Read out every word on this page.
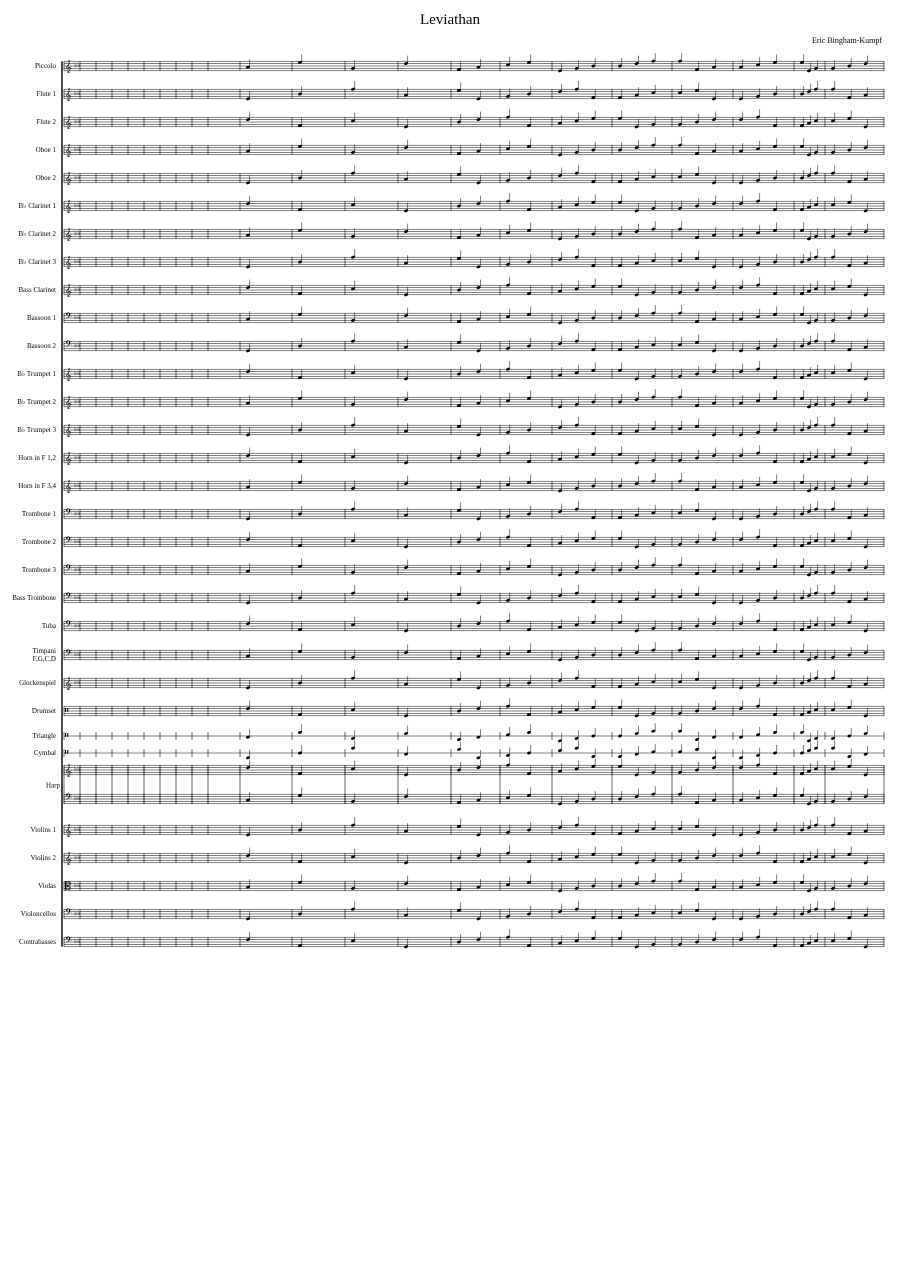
Leviathan
Eric Bingham-Kumpf
Piccolo 𝄞 ♭♭
Flute 1 𝄞 ♭♭
Flute 2 𝄞 ♭♭
Oboe 1 𝄞 ♭♭
Oboe 2 𝄞 ♭♭
B♭ Clarinet 1 𝄞 ♭♭
B♭ Clarinet 2 𝄞 ♭♭
B♭ Clarinet 3 𝄞 ♭♭
Bass Clarinet 𝄞 ♭♭
Bassoon 1 𝄢 ♭♭
Bassoon 2 𝄢 ♭♭
B♭ Trumpet 1 𝄞 ♭♭
B♭ Trumpet 2 𝄞 ♭♭
B♭ Trumpet 3 𝄞 ♭♭
Horn in F 1,2 𝄞 ♭♭
Horn in F 3,4 𝄞 ♭♭
Trombone 1 𝄢 ♭♭
Trombone 2 𝄢 ♭♭
Trombone 3 𝄢 ♭♭
Bass Trombone 𝄢 ♭♭
Tuba 𝄢 ♭♭
Timpani
F,G,C,D 𝄢 ♭♭
Glockenspiel 𝄞 ♭♭
Drumset 𝄥
Triangle 𝄥
Cymbal 𝄥
Harp
𝄞 ♭♭
𝄢 ♭♭
Violins 1 𝄞 ♭♭
Violins 2 𝄞 ♭♭
Violas 𝄡 ♭♭
Violoncellos 𝄢 ♭♭
Contrabasses 𝄢 ♭♭
